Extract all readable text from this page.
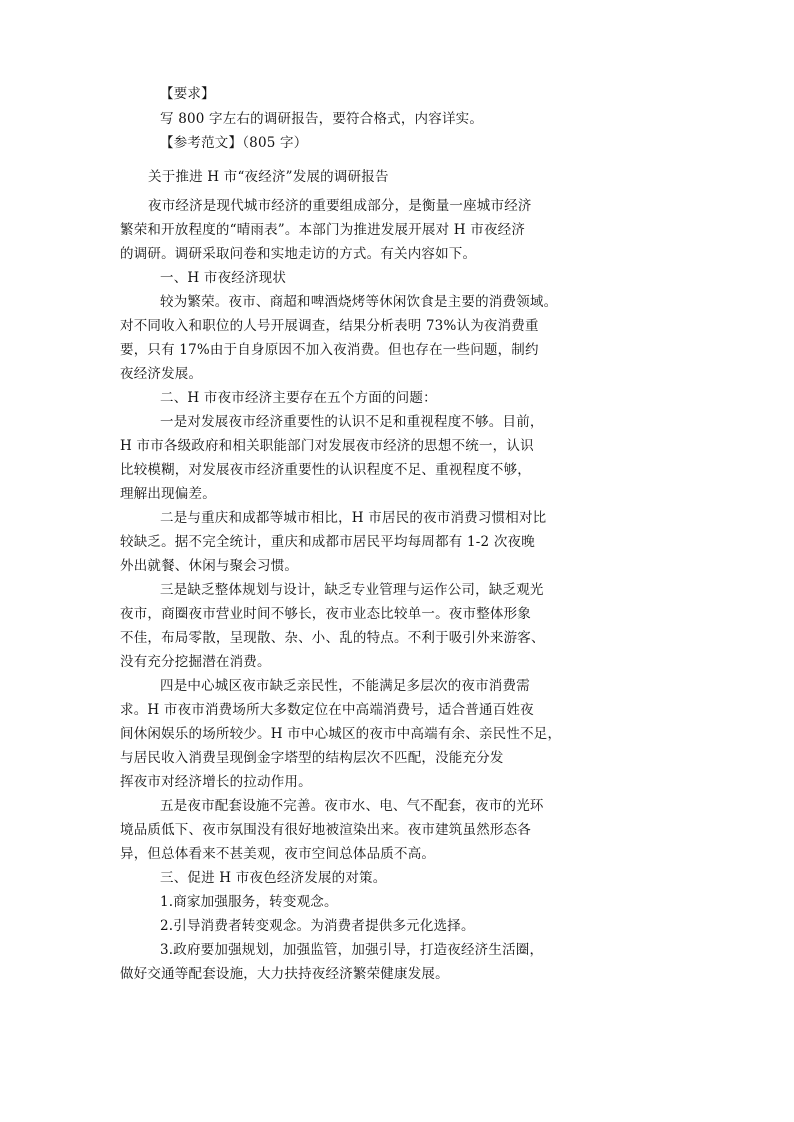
【要求】
写 800 字左右的调研报告，要符合格式，内容详实。
【参考范文】（805 字）
关于推进 H 市“夜经济”发展的调研报告
夜市经济是现代城市经济的重要组成部分，是衡量一座城市经济
繁荣和开放程度的“晴雨表”。本部门为推进发展开展对 H 市夜经济
的调研。调研采取问卷和实地走访的方式。有关内容如下。
一、H 市夜经济现状
较为繁荣。夜市、商超和啤酒烧烤等休闲饮食是主要的消费领域。
对不同收入和职位的人号开展调查，结果分析表明 73%认为夜消费重
要，只有 17%由于自身原因不加入夜消费。但也存在一些问题，制约
夜经济发展。
二、H 市夜市经济主要存在五个方面的问题：
一是对发展夜市经济重要性的认识不足和重视程度不够。目前，
H 市市各级政府和相关职能部门对发展夜市经济的思想不统一，认识
比较模糊，对发展夜市经济重要性的认识程度不足、重视程度不够，
理解出现偏差。
二是与重庆和成都等城市相比，H 市居民的夜市消费习惯相对比
较缺乏。据不完全统计，重庆和成都市居民平均每周都有 1-2 次夜晚
外出就餐、休闲与聚会习惯。
三是缺乏整体规划与设计，缺乏专业管理与运作公司，缺乏观光
夜市，商圈夜市营业时间不够长，夜市业态比较单一。夜市整体形象
不佳，布局零散，呈现散、杂、小、乱的特点。不利于吸引外来游客、
没有充分挖掘潜在消费。
四是中心城区夜市缺乏亲民性，不能满足多层次的夜市消费需
求。H 市夜市消费场所大多数定位在中高端消费号，适合普通百姓夜
间休闲娱乐的场所较少。H 市中心城区的夜市中高端有余、亲民性不足，
与居民收入消费呈现倒金字塔型的结构层次不匹配，没能充分发
挥夜市对经济增长的拉动作用。
五是夜市配套设施不完善。夜市水、电、气不配套，夜市的光环
境品质低下、夜市氛围没有很好地被渲染出来。夜市建筑虽然形态各
异，但总体看来不甚美观，夜市空间总体品质不高。
三、促进 H 市夜色经济发展的对策。
1.商家加强服务，转变观念。
2.引导消费者转变观念。为消费者提供多元化选择。
3.政府要加强规划，加强监管，加强引导，打造夜经济生活圈，
做好交通等配套设施，大力扶持夜经济繁荣健康发展。
